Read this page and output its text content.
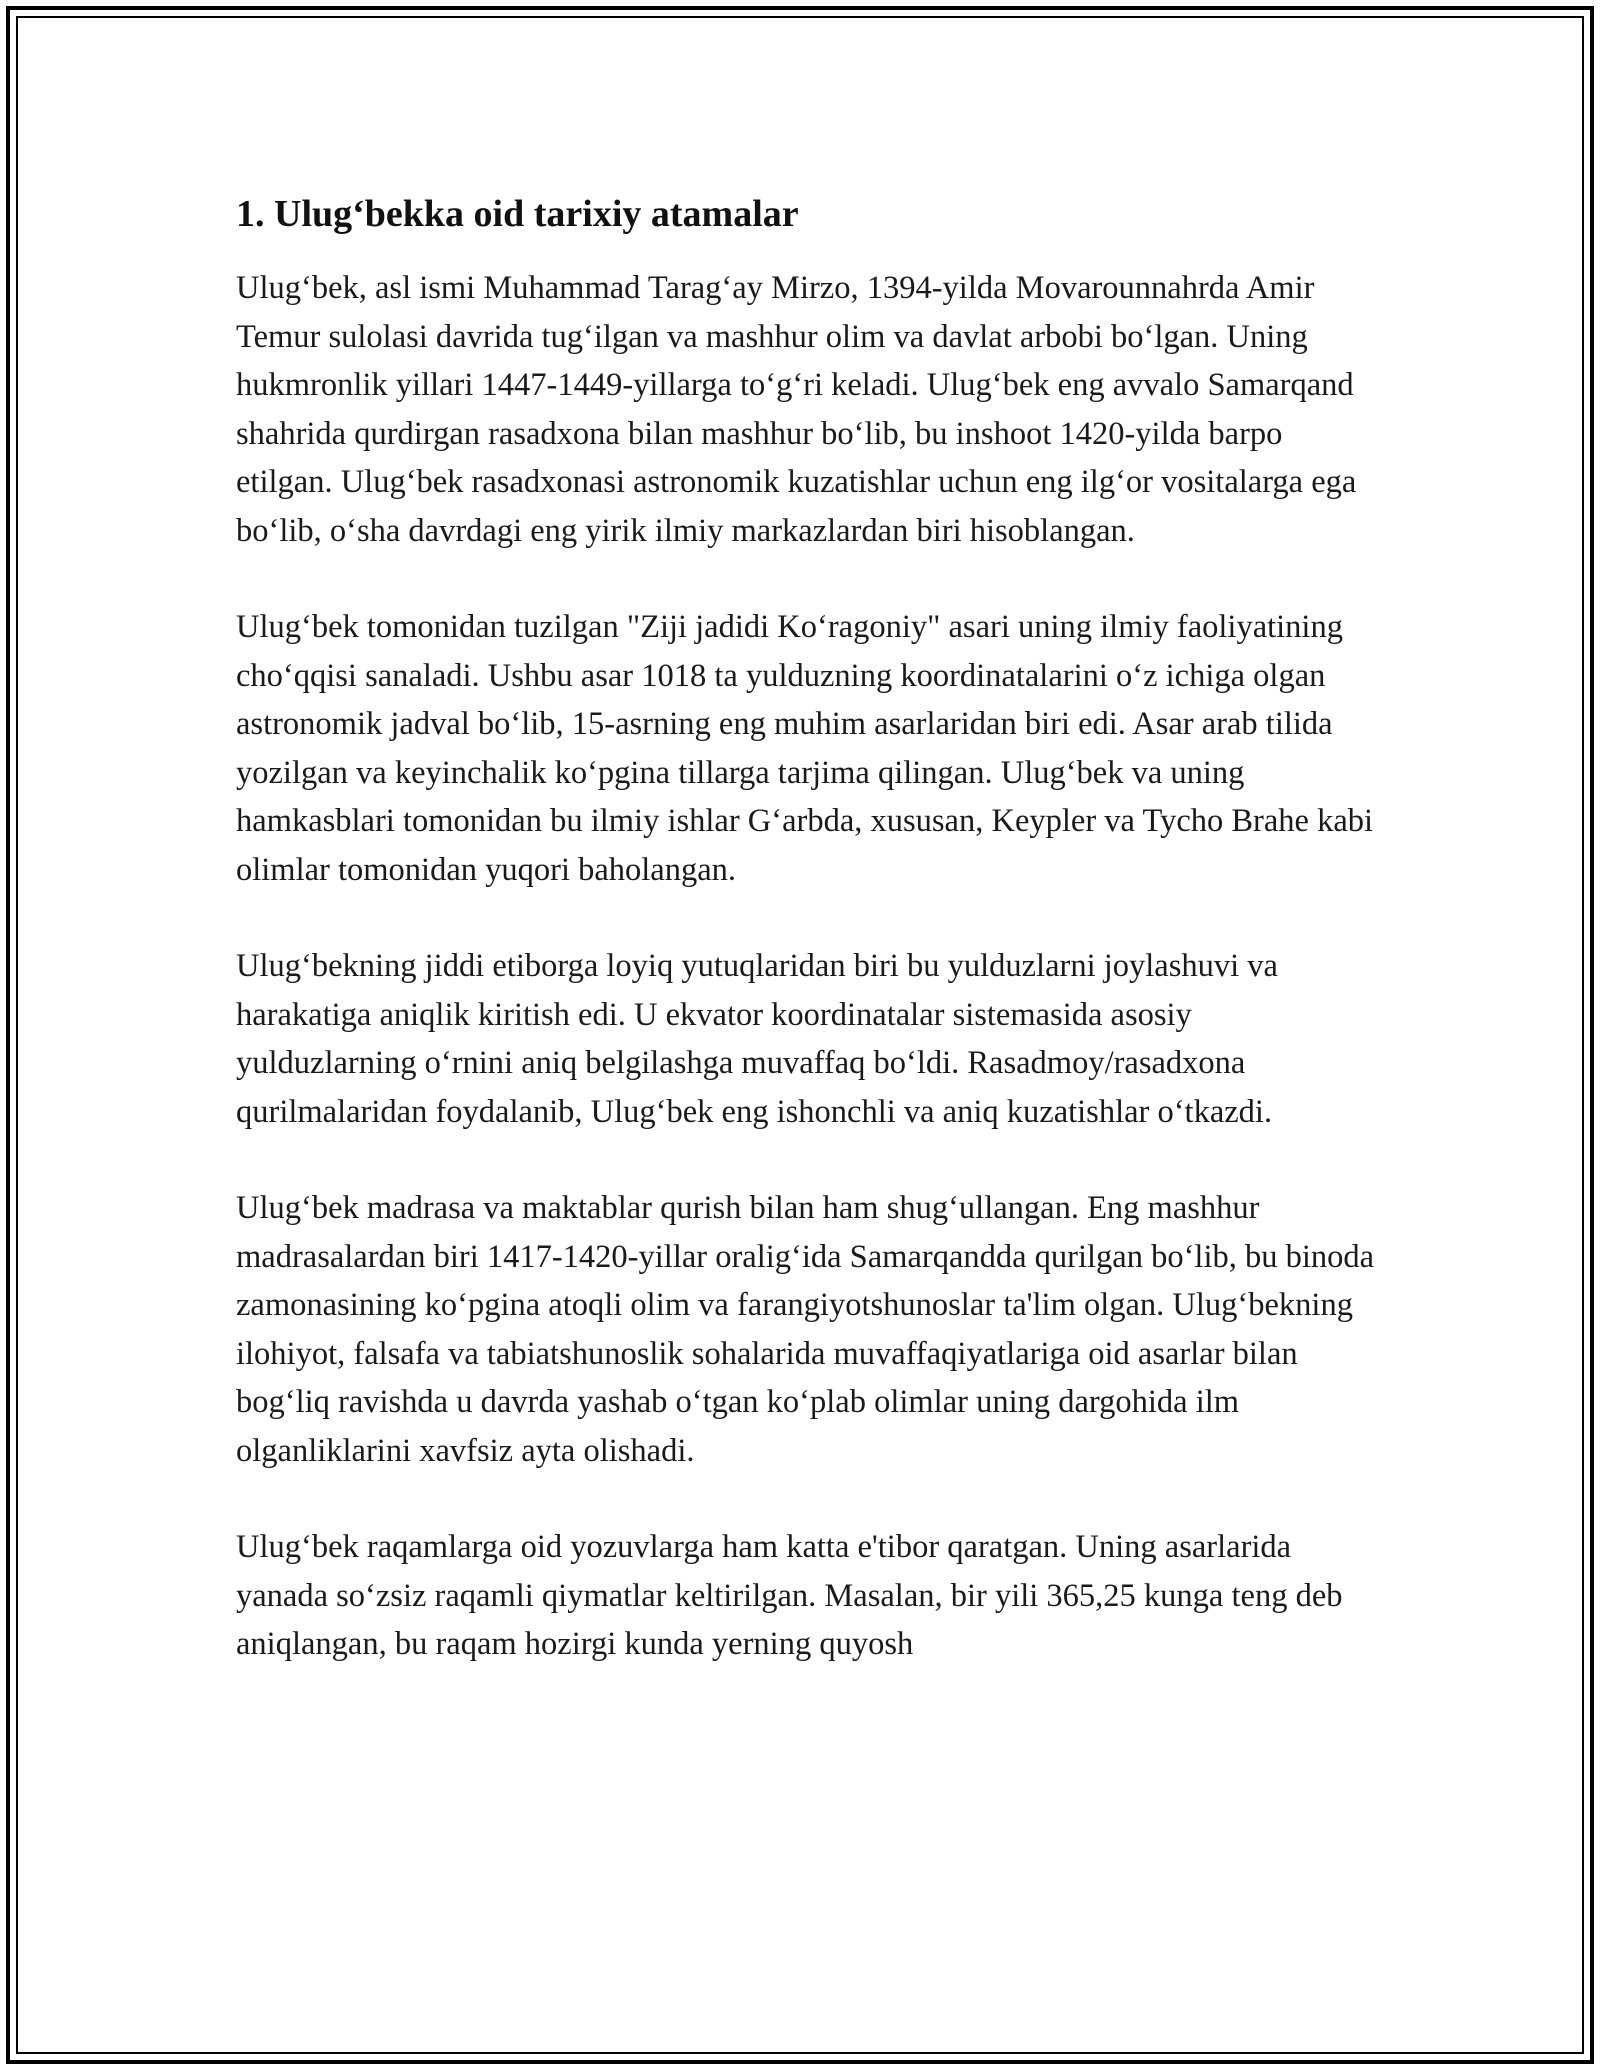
1. Ulug‘bekka oid tarixiy atamalar

Ulug‘bek, asl ismi Muhammad Tarag‘ay Mirzo, 1394-yilda Movarounnahrda Amir Temur sulolasi davrida tug‘ilgan va mashhur olim va davlat arbobi bo‘lgan. Uning hukmronlik yillari 1447-1449-yillarga to‘g‘ri keladi. Ulug‘bek eng avvalo Samarqand shahrida qurdirgan rasadxona bilan mashhur bo‘lib, bu inshoot 1420-yilda barpo etilgan. Ulug‘bek rasadxonasi astronomik kuzatishlar uchun eng ilg‘or vositalarga ega bo‘lib, o‘sha davrdagi eng yirik ilmiy markazlardan biri hisoblangan.

Ulug‘bek tomonidan tuzilgan "Ziji jadidi Ko‘ragoniy" asari uning ilmiy faoliyatining cho‘qqisi sanaladi. Ushbu asar 1018 ta yulduzning koordinatalarini o‘z ichiga olgan astronomik jadval bo‘lib, 15-asrning eng muhim asarlaridan biri edi. Asar arab tilida yozilgan va keyinchalik ko‘pgina tillarga tarjima qilingan. Ulug‘bek va uning hamkasblari tomonidan bu ilmiy ishlar G‘arbda, xususan, Keypler va Tycho Brahe kabi olimlar tomonidan yuqori baholangan.

Ulug‘bekning jiddi etiborga loyiq yutuqlaridan biri bu yulduzlarni joylashuvi va harakatiga aniqlik kiritish edi. U ekvator koordinatalar sistemasida asosiy yulduzlarning o‘rnini aniq belgilashga muvaffaq bo‘ldi. Rasadmoy/rasadxona qurilmalaridan foydalanib, Ulug‘bek eng ishonchli va aniq kuzatishlar o‘tkazdi.

Ulug‘bek madrasa va maktablar qurish bilan ham shug‘ullangan. Eng mashhur madrasalardan biri 1417-1420-yillar oralig‘ida Samarqandda qurilgan bo‘lib, bu binoda zamonasining ko‘pgina atoqli olim va farangiyotshunoslar ta'lim olgan. Ulug‘bekning ilohiyot, falsafa va tabiatshunoslik sohalarida muvaffaqiyatlariga oid asarlar bilan bog‘liq ravishda u davrda yashab o‘tgan ko‘plab olimlar uning dargohida ilm olganliklarini xavfsiz ayta olishadi.

Ulug‘bek raqamlarga oid yozuvlarga ham katta e'tibor qaratgan. Uning asarlarida yanada so‘zsiz raqamli qiymatlar keltirilgan. Masalan, bir yili 365,25 kunga teng deb aniqlangan, bu raqam hozirgi kunda yerning quyosh
